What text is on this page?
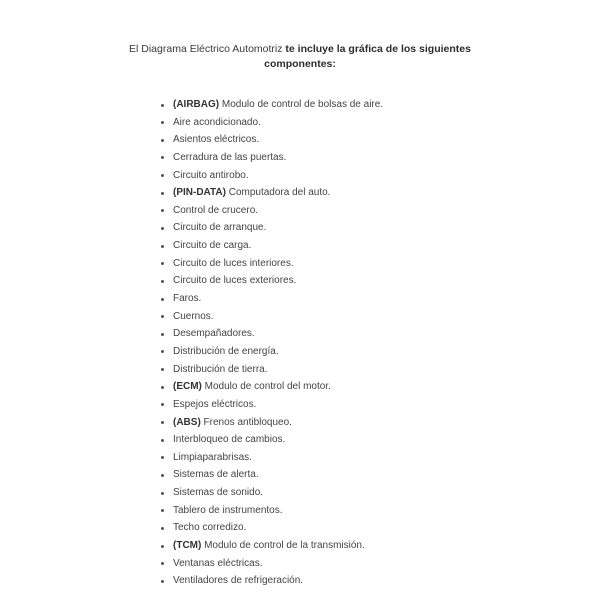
El Diagrama Eléctrico Automotriz te incluye la gráfica de los siguientes componentes:
(AIRBAG) Modulo de control de bolsas de aire.
Aire acondicionado.
Asientos eléctricos.
Cerradura de las puertas.
Circuito antirobo.
(PIN-DATA) Computadora del auto.
Control de crucero.
Circuito de arranque.
Circuito de carga.
Circuito de luces interiores.
Circuito de luces exteriores.
Faros.
Cuernos.
Desempañadores.
Distribución de energía.
Distribución de tierra.
(ECM) Modulo de control del motor.
Espejos eléctricos.
(ABS) Frenos antibloqueo.
Interbloqueo de cambios.
Limpiaparabrisas.
Sistemas de alerta.
Sistemas de sonido.
Tablero de instrumentos.
Techo corredizo.
(TCM) Modulo de control de la transmisión.
Ventanas eléctricas.
Ventiladores de refrigeración.
